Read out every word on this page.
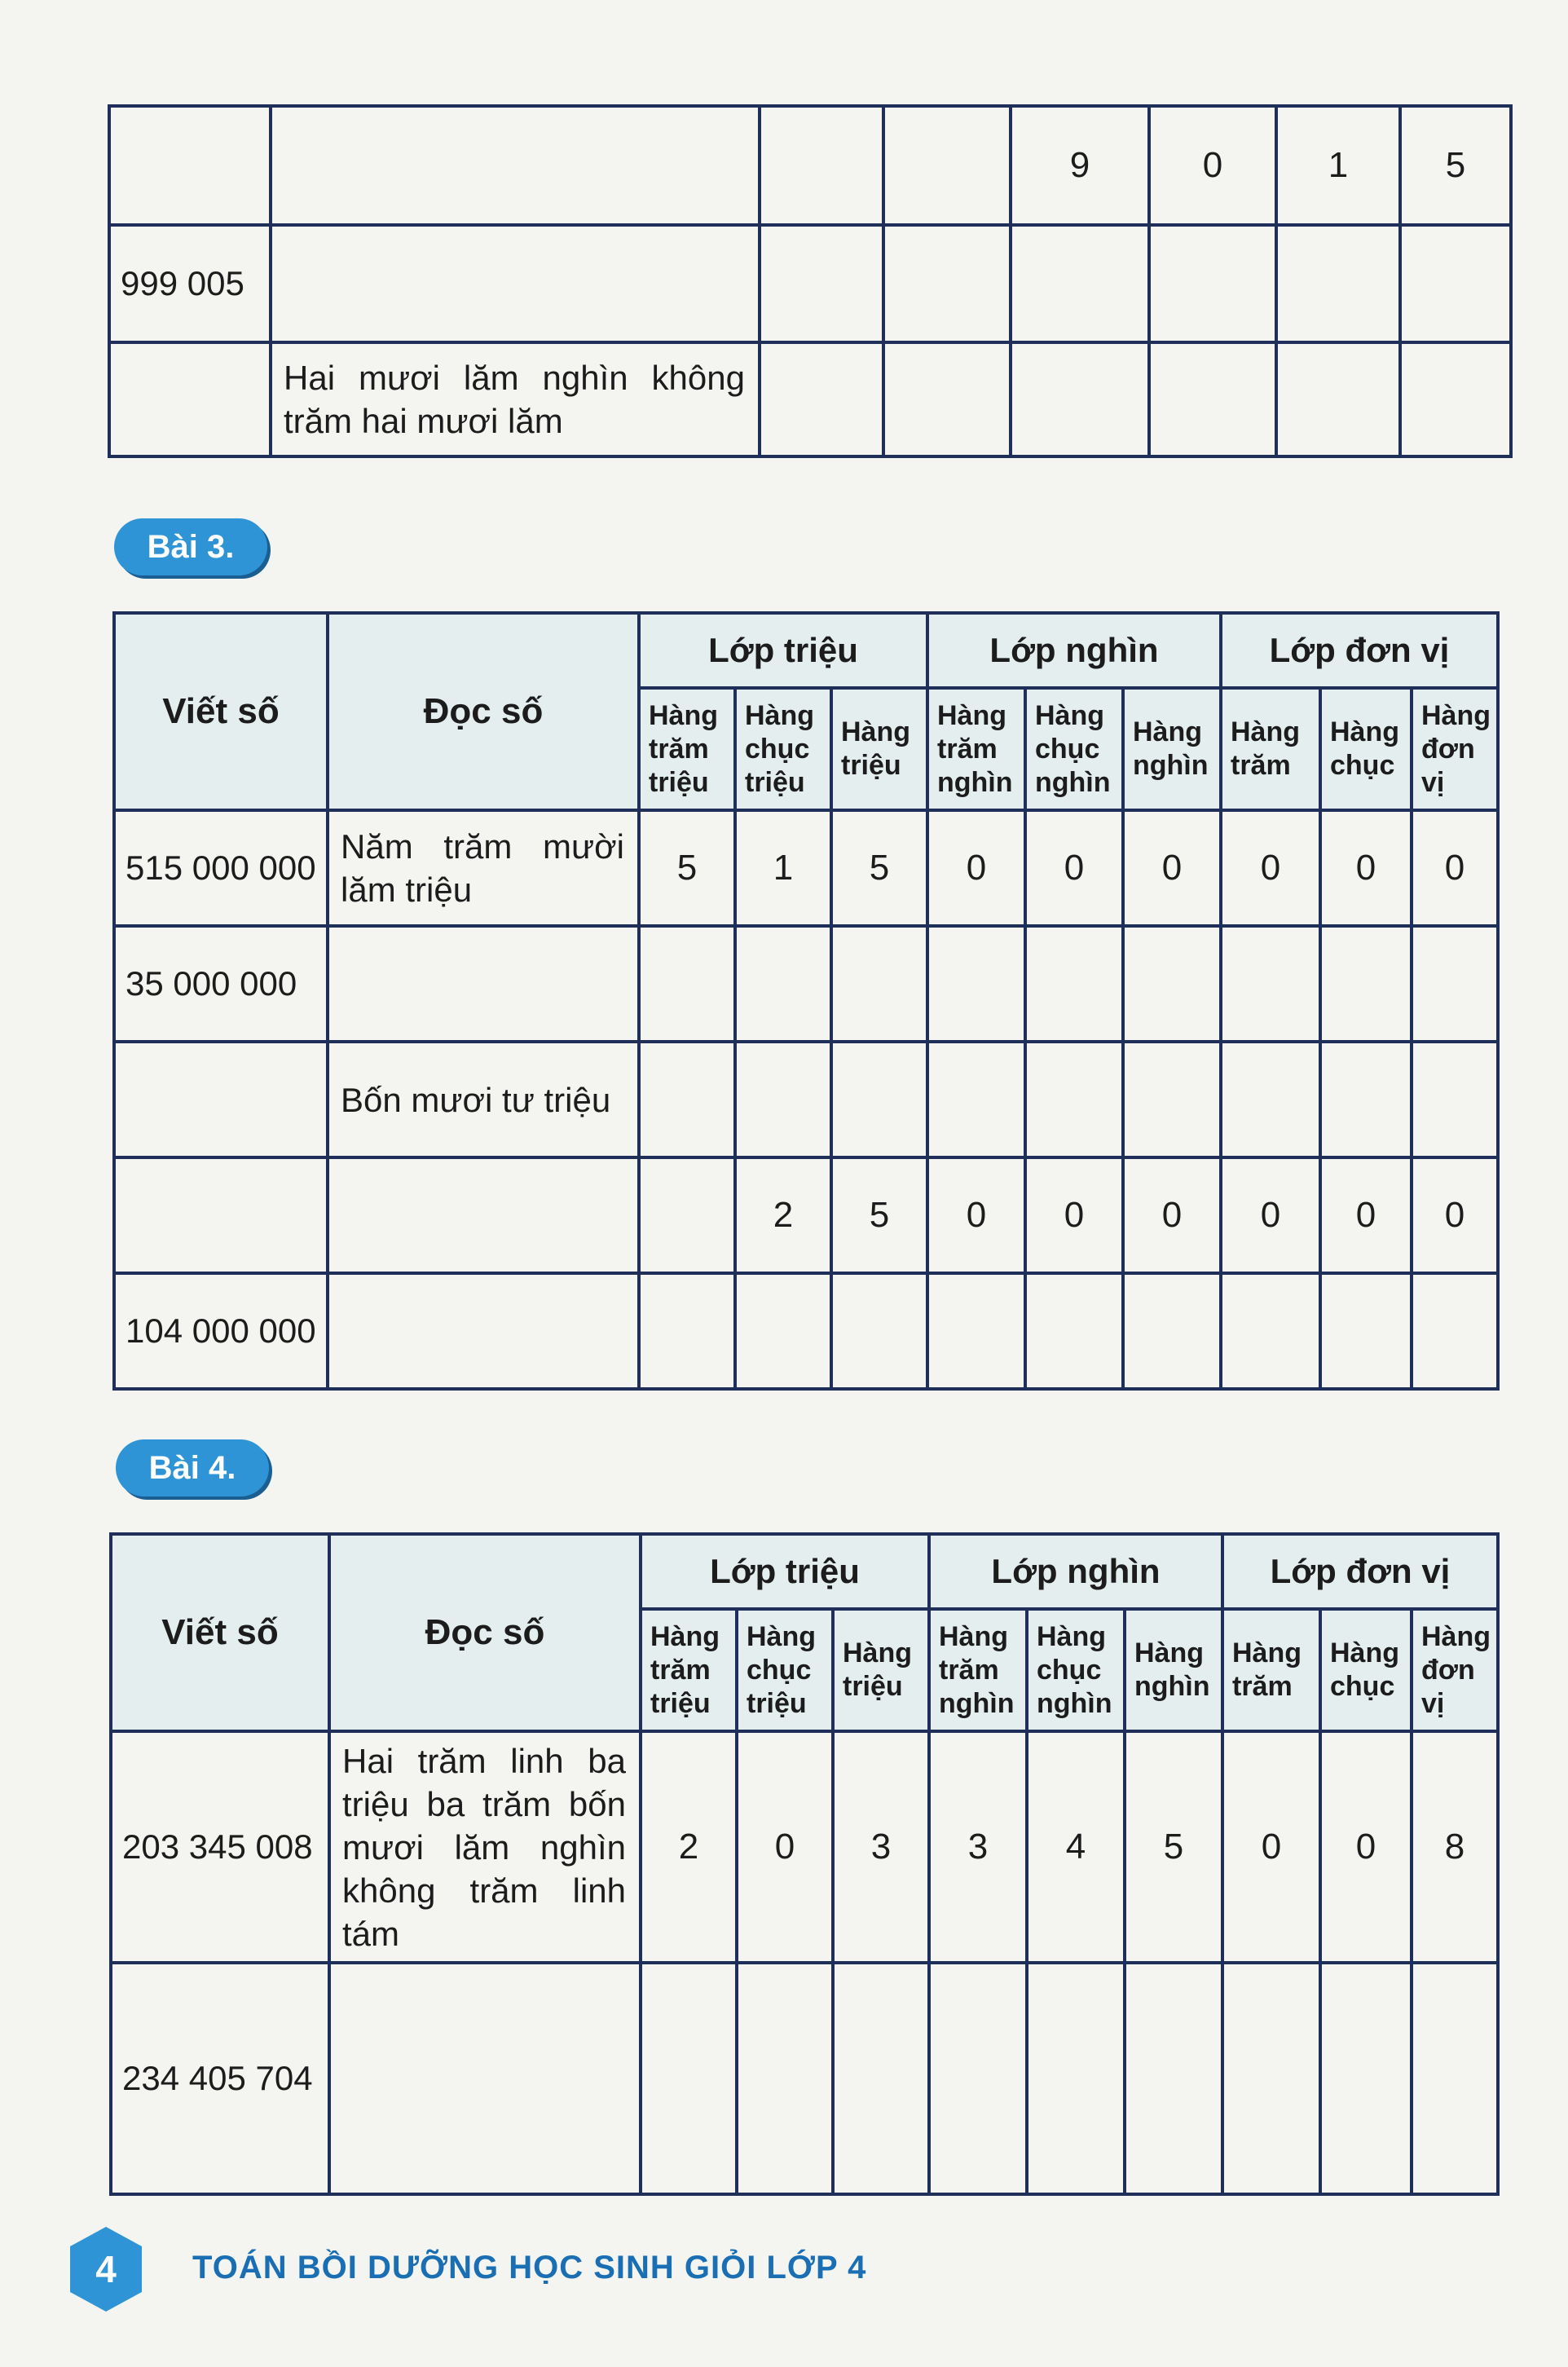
				9	0	1	5
999 005							
	Hai mươi lăm nghìn không trăm hai mươi lăm						
Bài 3.
Viết số	Đọc số	Lớp triệu			Lớp nghìn			Lớp đơn vị		
		Hàng trăm triệu	Hàng chục triệu	Hàng triệu	Hàng trăm nghìn	Hàng chục nghìn	Hàng nghìn	Hàng trăm	Hàng chục	Hàng đơn vị
515 000 000	Năm trăm mười lăm triệu	5	1	5	0	0	0	0	0	0
35 000 000										
	Bốn mươi tư triệu									
			2	5	0	0	0	0	0	0
104 000 000										
Bài 4.
Viết số	Đọc số	Lớp triệu			Lớp nghìn			Lớp đơn vị		
		Hàng trăm triệu	Hàng chục triệu	Hàng triệu	Hàng trăm nghìn	Hàng chục nghìn	Hàng nghìn	Hàng trăm	Hàng chục	Hàng đơn vị
203 345 008	Hai trăm linh ba triệu ba trăm bốn mươi lăm nghìn không trăm linh tám	2	0	3	3	4	5	0	0	8
234 405 704										
4 TOÁN BỒI DƯỠNG HỌC SINH GIỎI LỚP 4
